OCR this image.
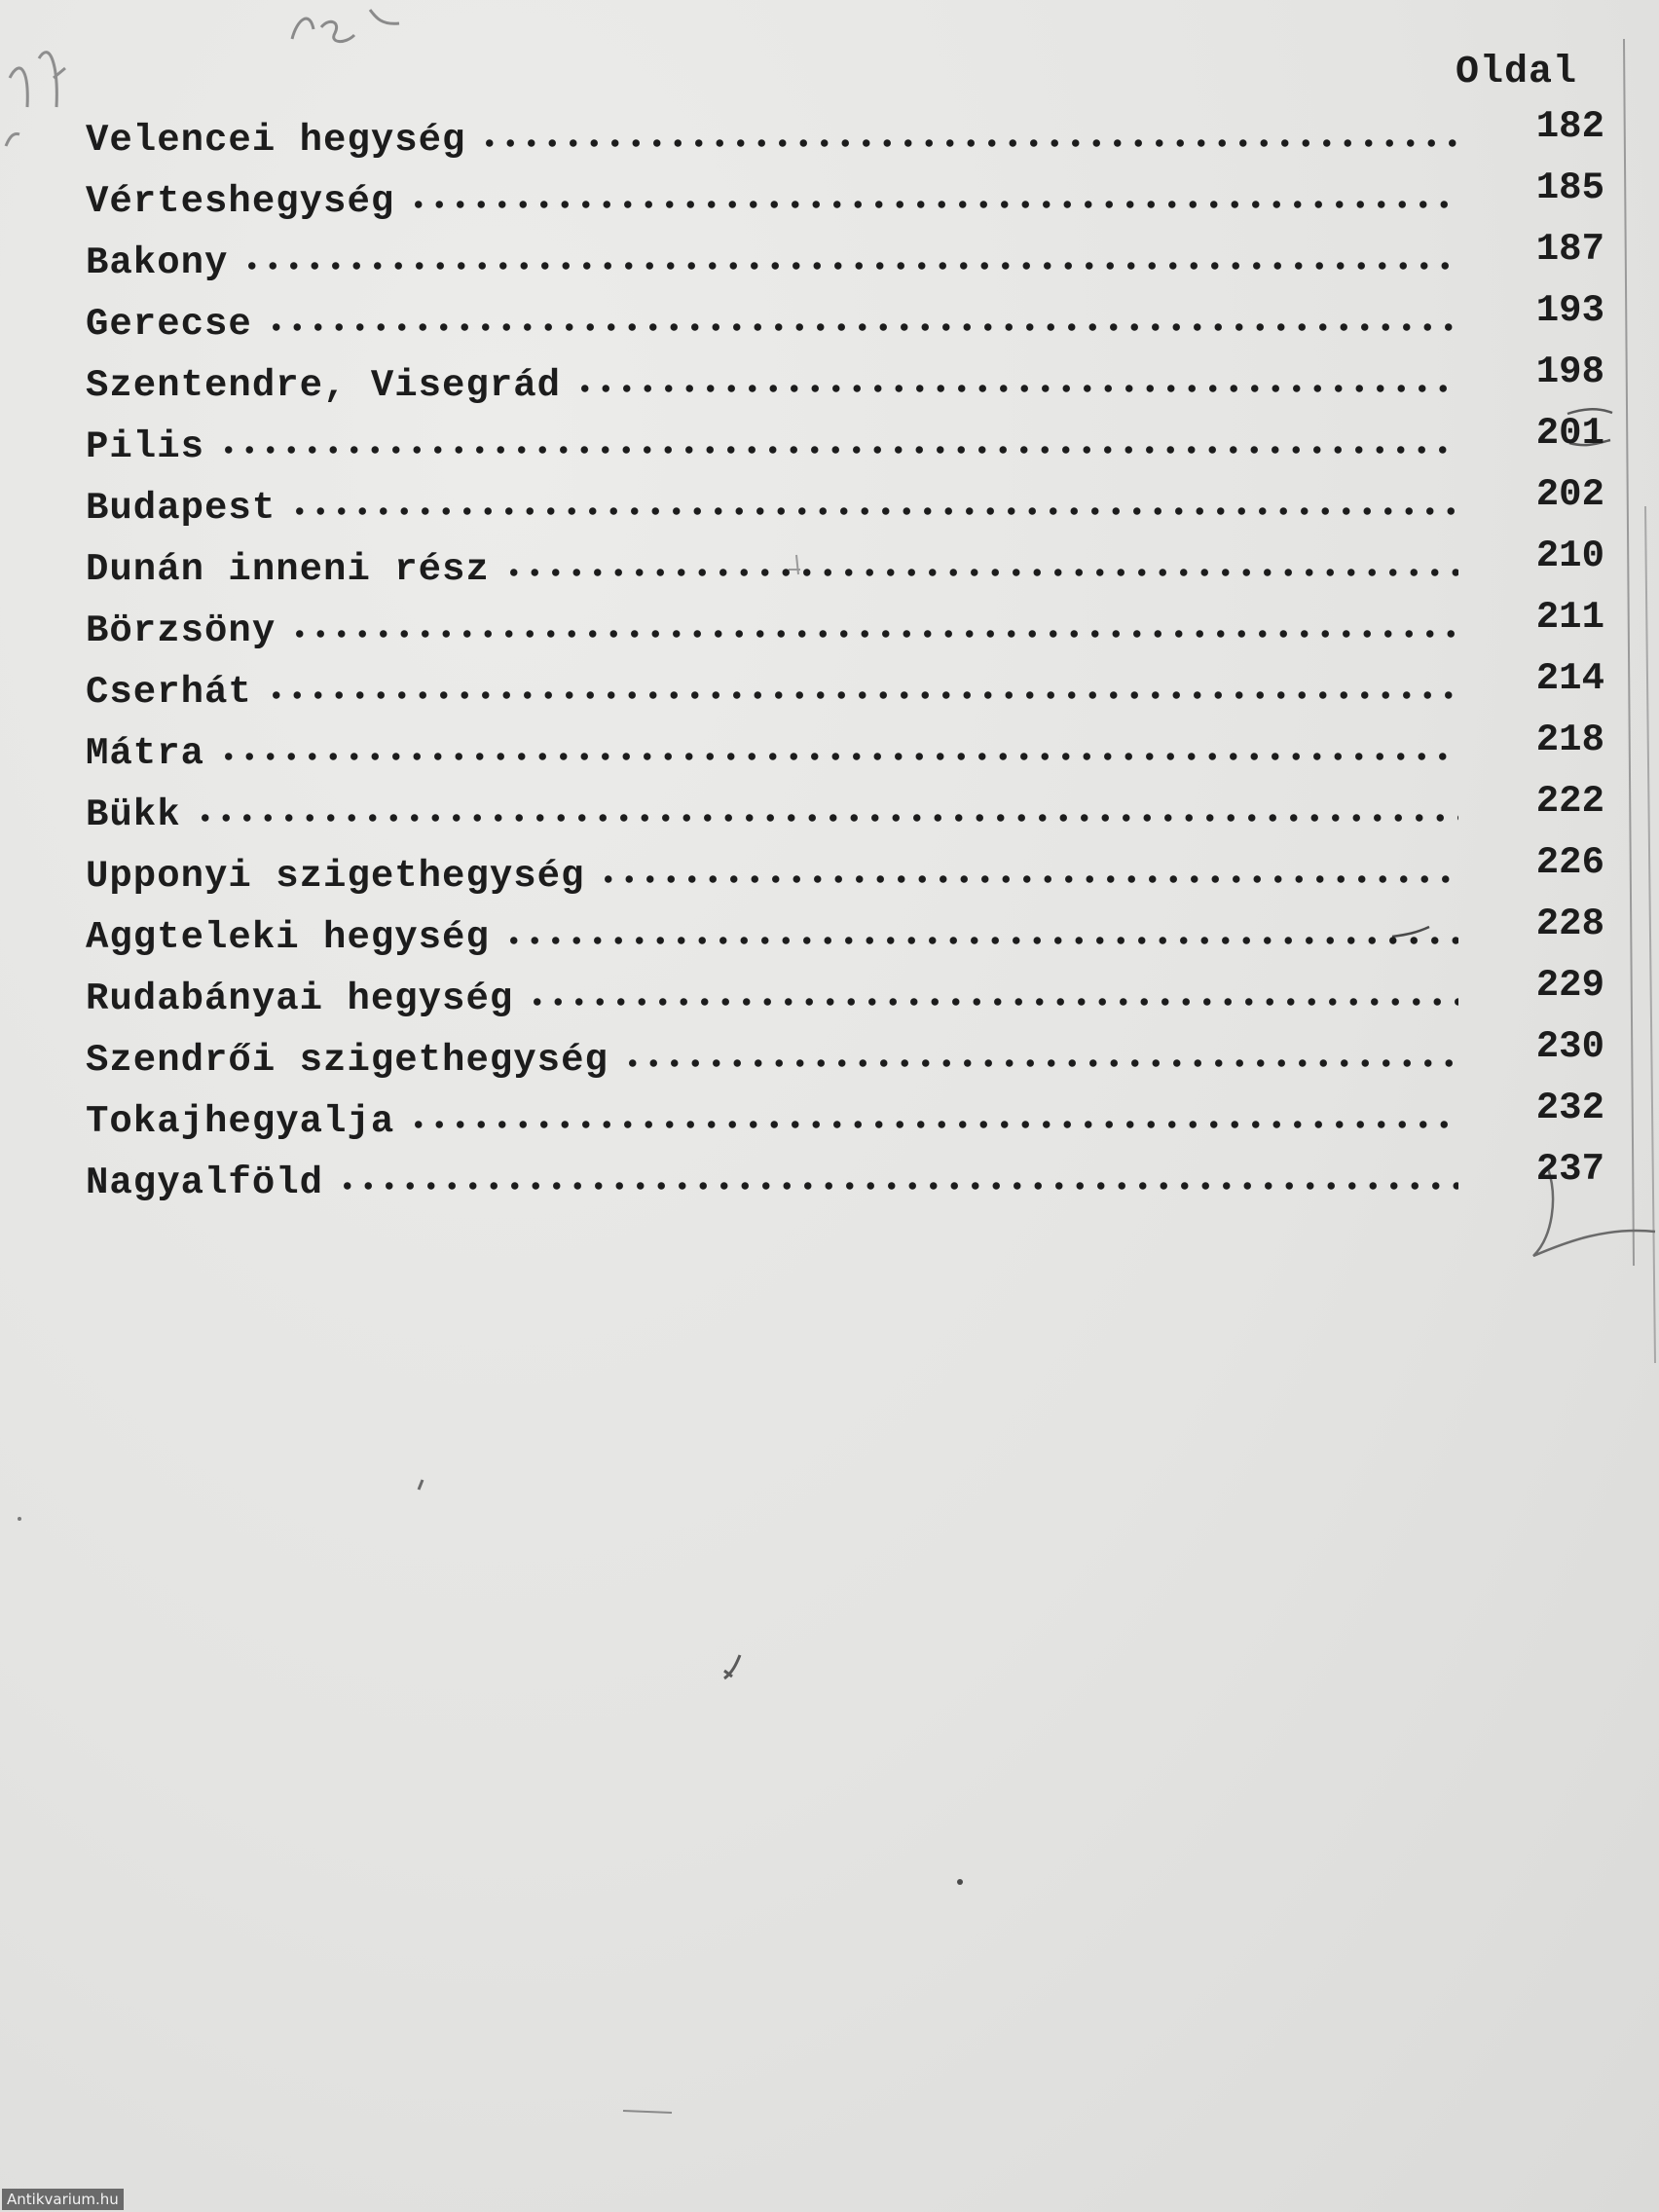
Oldal
Velencei hegység	182
Vérteshegység	185
Bakony	187
Gerecse	193
Szentendre, Visegrád	198
Pilis	201
Budapest	202
Dunán inneni rész	210
Börzsöny	211
Cserhát	214
Mátra	218
Bükk	222
Upponyi szigethegység	226
Aggteleki hegység	228
Rudabányai hegység	229
Szendrői szigethegység	230
Tokajhegyalja	232
Nagyalföld	237
Antikvarium.hu
